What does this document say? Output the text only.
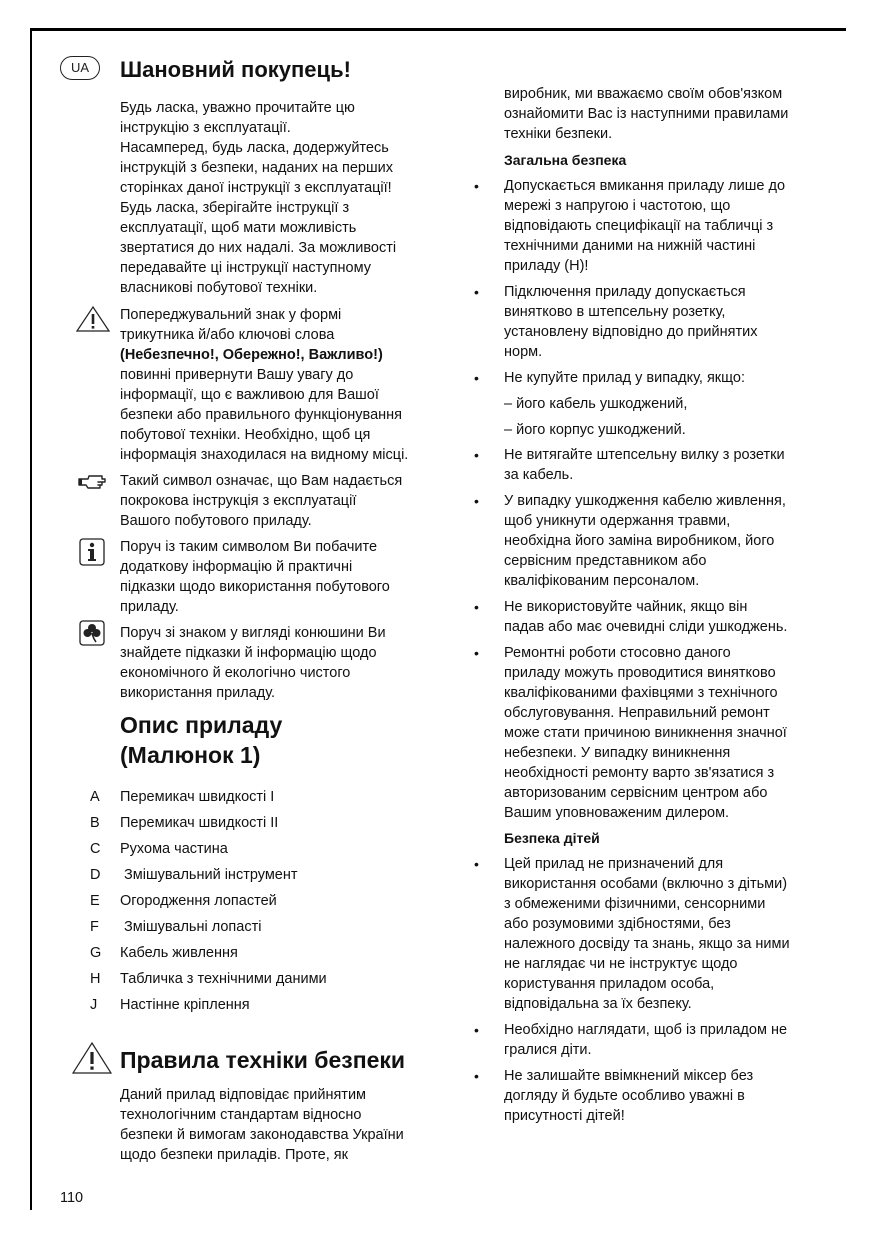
UA	Шановний покупець!

Будь ласка, уважно прочитайте цю

інструкцію з експлуатації.

Насамперед, будь ласка, додержуйтесь

інструкцій з безпеки, наданих на перших

сторінках даної інструкції з експлуатації!

Будь ласка, зберігайте інструкції з

експлуатації, щоб мати можливість

звертатися до них надалі. За можливості

передавайте ці інструкції наступному

власникові побутової техніки.

Попереджувальний знак у формі

трикутника й/або ключові слова

(Небезпечно!, Обережно!, Важливо!)

повинні привернути Вашу увагу до

інформації, що є важливою для Вашої

безпеки або правильного функціонування

побутової техніки. Необхідно, щоб ця

інформація знаходилася на видному місці.

Такий символ означає, що Вам надається

покрокова інструкція з експлуатації

Вашого побутового приладу.

Поруч із таким символом Ви побачите

додаткову інформацію й практичні

підказки щодо використання побутового

приладу.

Поруч зі знаком у вигляді конюшини Ви

знайдете підказки й інформацію щодо

економічного й екологічно чистого

використання приладу.

Опис приладу

(Малюнок 1)

A Перемикач швидкості I
B Перемикач швидкості II
C Рухома частина
D Змішувальний інструмент
E Огородження лопастей
F Змішувальні лопасті
G Кабель живлення
H Табличка з технічними даними
J Настінне кріплення
Правила техніки безпеки

Даний прилад відповідає прийнятим

технологічним стандартам відносно

безпеки й вимогам законодавства України

щодо безпеки приладів. Проте, як

110

виробник, ми вважаємо своїм обов'язком

ознайомити Вас із наступними правилами

техніки безпеки.

Загальна безпека

• Допускається вмикання приладу лише до

мережі з напругою і частотою, що

відповідають специфікації на табличці з

технічними даними на нижній частині

приладу (H)!

• Підключення приладу допускається

винятково в штепсельну розетку,

установлену відповідно до прийнятих

норм.

• Не купуйте прилад у випадку, якщо:

– його кабель ушкоджений,
– його корпус ушкоджений.
• Не витягайте штепсельну вилку з розетки

за кабель.

• У випадку ушкодження кабелю живлення,

щоб уникнути одержання травми,

необхідна його заміна виробником, його

сервісним представником або

кваліфікованим персоналом.

• Не використовуйте чайник, якщо він

падав або має очевидні сліди ушкоджень.

• Ремонтні роботи стосовно даного

приладу можуть проводитися винятково

кваліфікованими фахівцями з технічного

обслуговування. Неправильний ремонт

може стати причиною виникнення значної

небезпеки. У випадку виникнення

необхідності ремонту варто зв'язатися з

авторизованим сервісним центром або

Вашим уповноваженим дилером.

Безпека дітей

• Цей прилад не призначений для

використання особами (включно з дітьми)

з обмеженими фізичними, сенсорними

або розумовими здібностями, без

належного досвіду та знань, якщо за ними

не наглядає чи не інструктує щодо

користування приладом особа,

відповідальна за їх безпеку.

• Необхідно наглядати, щоб із приладом не

гралися діти.

• Не залишайте ввімкнений міксер без

догляду й будьте особливо уважні в

присутності дітей!
